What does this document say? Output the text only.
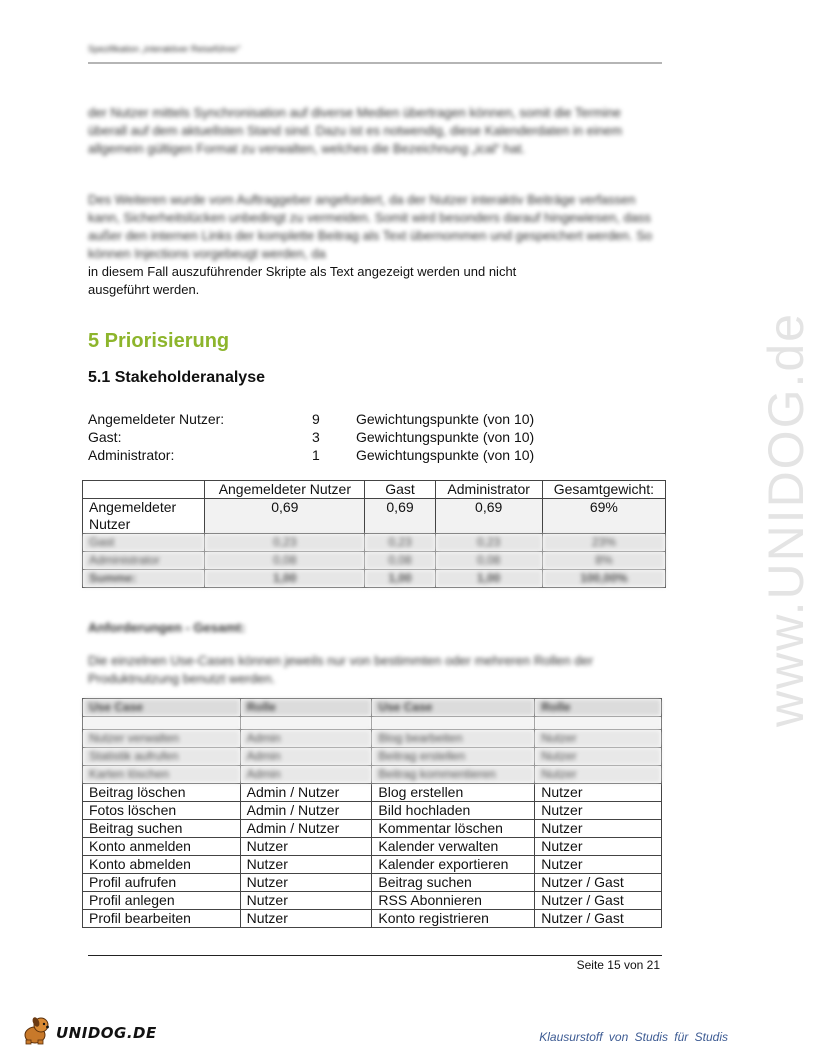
Spezifikation „interaktiver Reiseführer“
www.UNIDOG.de
der Nutzer mittels Synchronisation auf diverse Medien übertragen können, somit die Termine überall auf dem aktuellsten Stand sind. Dazu ist es notwendig, diese Kalenderdaten in einem allgemein gültigen Format zu verwalten, welches die Bezeichnung „ical“ hat.
Des Weiteren wurde vom Auftraggeber angefordert, da der Nutzer interaktiv Beiträge verfassen kann, Sicherheitslücken unbedingt zu vermeiden. Somit wird besonders darauf hingewiesen, dass außer den internen Links der komplette Beitrag als Text übernommen und gespeichert werden. So können Injections vorgebeugt werden, da
in diesem Fall auszuführender Skripte als Text angezeigt werden und nicht
ausgeführt werden.
5 Priorisierung
5.1 Stakeholderanalyse
Angemeldeter Nutzer:	9	Gewichtungspunkte (von 10)
Gast:	3	Gewichtungspunkte (von 10)
Administrator:	1	Gewichtungspunkte (von 10)
	Angemeldeter Nutzer	Gast	Administrator	Gesamtgewicht:

Angemeldeter
Nutzer	0,69	0,69	0,69	69%
Gast	0,23	0,23	0,23	23%
Administrator	0,08	0,08	0,08	8%
Summe:	1,00	1,00	1,00	100,00%
Anforderungen - Gesamt:
Die einzelnen Use-Cases können jeweils nur von bestimmten oder mehreren Rollen der Produktnutzung benutzt werden.
Use Case	Rolle	Use Case	Rolle

Nutzer verwalten	Admin	Blog bearbeiten	Nutzer
Statistik aufrufen	Admin	Beitrag erstellen	Nutzer
Karten löschen	Admin	Beitrag kommentieren	Nutzer
Beitrag löschen	Admin / Nutzer	Blog erstellen	Nutzer
Fotos löschen	Admin / Nutzer	Bild hochladen	Nutzer
Beitrag suchen	Admin / Nutzer	Kommentar löschen	Nutzer
Konto anmelden	Nutzer	Kalender verwalten	Nutzer
Konto abmelden	Nutzer	Kalender exportieren	Nutzer
Profil aufrufen	Nutzer	Beitrag suchen	Nutzer / Gast
Profil anlegen	Nutzer	RSS Abonnieren	Nutzer / Gast
Profil bearbeiten	Nutzer	Konto registrieren	Nutzer / Gast
Seite 15 von 21
UNIDOG.DE	Klausurstoff von Studis für Studis
